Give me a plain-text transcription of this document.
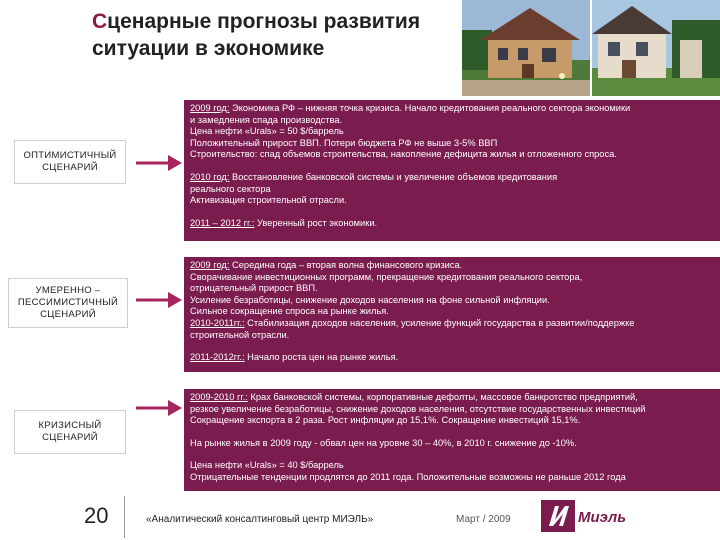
Сценарные прогнозы развития ситуации в экономике
ОПТИМИСТИЧНЫЙ
СЦЕНАРИЙ
2009 год: Экономика РФ – нижняя точка кризиса. Начало кредитования реального сектора экономики
и замедления спада производства.
Цена нефти «Urals» = 50 $/баррель
Положительный прирост ВВП. Потери бюджета РФ не выше 3-5% ВВП
Строительство: спад объемов строительства, накопление дефицита жилья и отложенного спроса.
2010 год: Восстановление банковской системы и увеличение объемов кредитования
реального сектора
Активизация строительной отрасли.
2011 – 2012 гг.: Уверенный рост экономики.
УМЕРЕННО –
ПЕССИМИСТИЧНЫЙ
СЦЕНАРИЙ
2009 год: Середина года – вторая волна финансового кризиса.
Сворачивание инвестиционных программ, прекращение кредитования реального сектора,
отрицательный прирост ВВП.
Усиление безработицы, снижение доходов населения на фоне сильной инфляции.
Сильное сокращение спроса на рынке жилья.
2010-2011гг.: Стабилизация доходов населения, усиление функций государства в развитии/поддержке
строительной отрасли.
2011-2012гг.: Начало роста цен на рынке жилья.
КРИЗИСНЫЙ
СЦЕНАРИЙ
2009-2010 гг.: Крах банковской системы, корпоративные дефолты, массовое банкротство предприятий,
резкое увеличение безработицы, снижение доходов населения, отсутствие государственных инвестиций
Сокращение экспорта в 2 раза. Рост инфляции до 15,1%. Сокращение инвестиций 15,1%.
На рынке жилья в 2009 году - обвал цен на уровне 30 – 40%, в 2010 г. снижение до -10%.
Цена нефти «Urals» = 40 $/баррель
Отрицательные тенденции продлятся до 2011 года. Положительные возможны не раньше 2012 года
20	«Аналитический консалтинговый центр МИЭЛЬ»	Март / 2009	Миэль
